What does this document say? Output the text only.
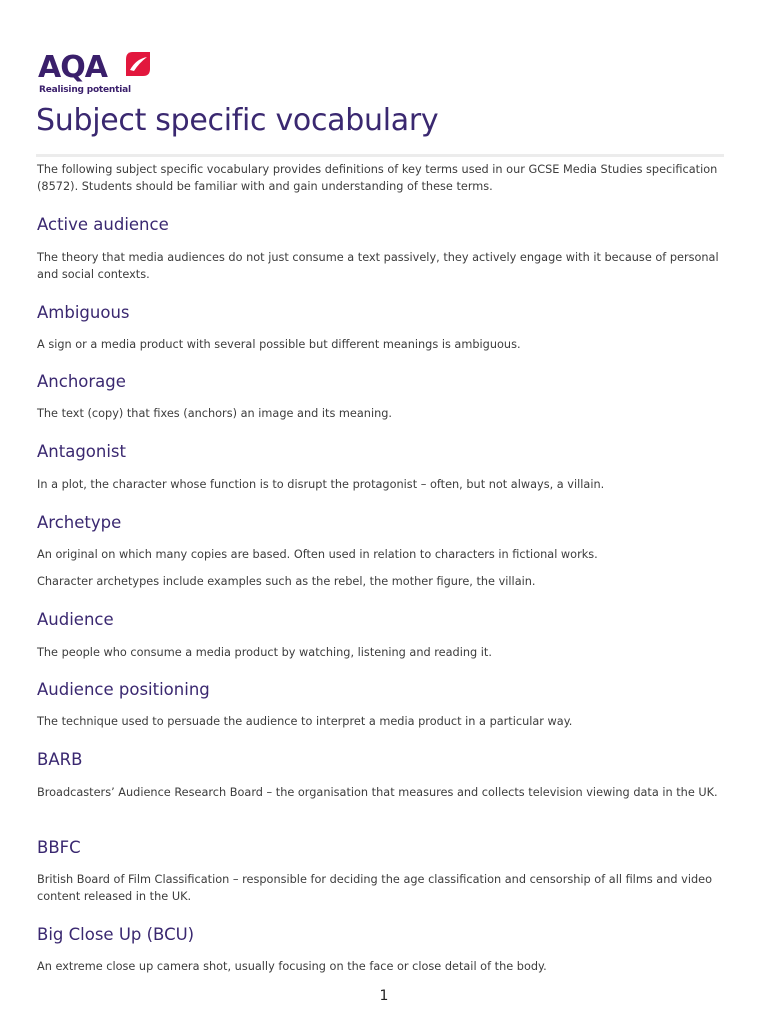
AQA
Realising potential
Subject specific vocabulary

The following subject specific vocabulary provides definitions of key terms used in our GCSE Media Studies specification (8572). Students should be familiar with and gain understanding of these terms.

Active audience

The theory that media audiences do not just consume a text passively, they actively engage with it because of personal and social contexts.

Ambiguous

A sign or a media product with several possible but different meanings is ambiguous.

Anchorage

The text (copy) that fixes (anchors) an image and its meaning.

Antagonist

In a plot, the character whose function is to disrupt the protagonist – often, but not always, a villain.

Archetype

An original on which many copies are based. Often used in relation to characters in fictional works.

Character archetypes include examples such as the rebel, the mother figure, the villain.

Audience

The people who consume a media product by watching, listening and reading it.

Audience positioning

The technique used to persuade the audience to interpret a media product in a particular way.

BARB

Broadcasters’ Audience Research Board – the organisation that measures and collects television viewing data in the UK.

BBFC

British Board of Film Classification – responsible for deciding the age classification and censorship of all films and video content released in the UK.

Big Close Up (BCU)

An extreme close up camera shot, usually focusing on the face or close detail of the body.

1
